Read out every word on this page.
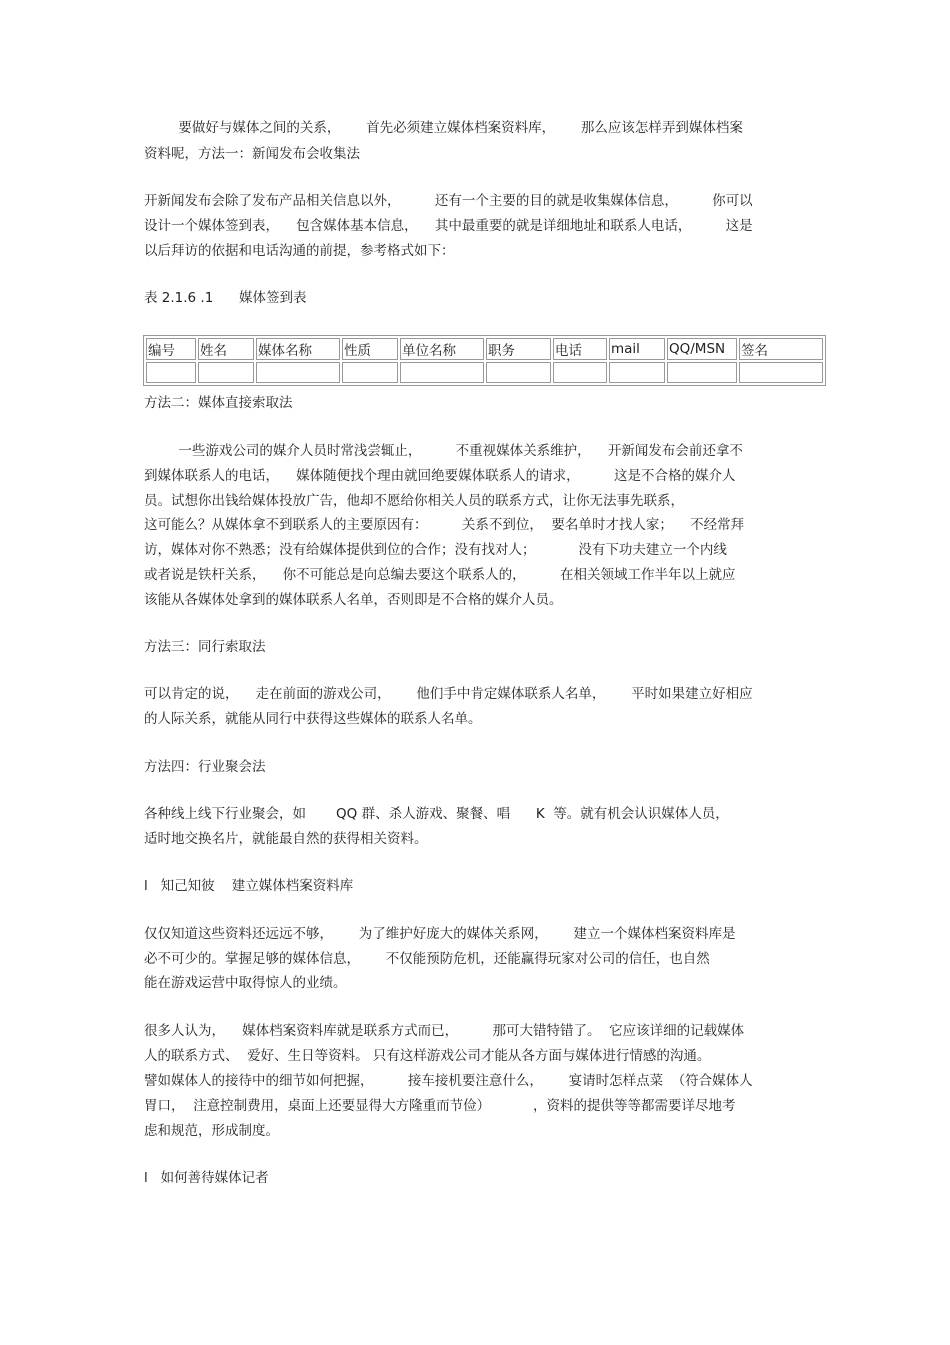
要做好与媒体之间的关系，      首先必须建立媒体档案资料库，      那么应该怎样弄到媒体档案
资料呢，方法一：新闻发布会收集法
开新闻发布会除了发布产品相关信息以外，        还有一个主要的目的就是收集媒体信息，        你可以
设计一个媒体签到表，    包含媒体基本信息，    其中最重要的就是详细地址和联系人电话，        这是
以后拜访的依据和电话沟通的前提，参考格式如下：
表 2.1.6 .1      媒体签到表
编号	姓名	媒体名称	性质	单位名称	职务	电话	mail	QQ/MSN	签名

方法二：媒体直接索取法
一些游戏公司的媒介人员时常浅尝辄止，        不重视媒体关系维护，    开新闻发布会前还拿不
到媒体联系人的电话，    媒体随便找个理由就回绝要媒体联系人的请求，        这是不合格的媒介人
员。试想你出钱给媒体投放广告，他却不愿给你相关人员的联系方式，让你无法事先联系，
这可能么？从媒体拿不到联系人的主要原因有：        关系不到位，  要名单时才找人家；    不经常拜
访，媒体对你不熟悉；没有给媒体提供到位的合作；没有找对人；          没有下功夫建立一个内线
或者说是铁杆关系，    你不可能总是向总编去要这个联系人的，        在相关领域工作半年以上就应
该能从各媒体处拿到的媒体联系人名单，否则即是不合格的媒介人员。
方法三：同行索取法
可以肯定的说，    走在前面的游戏公司，      他们手中肯定媒体联系人名单，      平时如果建立好相应
的人际关系，就能从同行中获得这些媒体的联系人名单。
方法四：行业聚会法
各种线上线下行业聚会，如       QQ 群、杀人游戏、聚餐、唱      K  等。就有机会认识媒体人员，
适时地交换名片，就能最自然的获得相关资料。
l   知己知彼    建立媒体档案资料库
仅仅知道这些资料还远远不够，      为了维护好庞大的媒体关系网，      建立一个媒体档案资料库是
必不可少的。掌握足够的媒体信息，      不仅能预防危机，还能赢得玩家对公司的信任，也自然
能在游戏运营中取得惊人的业绩。
很多人认为，    媒体档案资料库就是联系方式而已，        那可大错特错了。  它应该详细的记载媒体
人的联系方式、  爱好、生日等资料。 只有这样游戏公司才能从各方面与媒体进行情感的沟通。
譬如媒体人的接待中的细节如何把握，        接车接机要注意什么，      宴请时怎样点菜  （符合媒体人
胃口，  注意控制费用，桌面上还要显得大方隆重而节俭）          ，资料的提供等等都需要详尽地考
虑和规范，形成制度。
l   如何善待媒体记者
